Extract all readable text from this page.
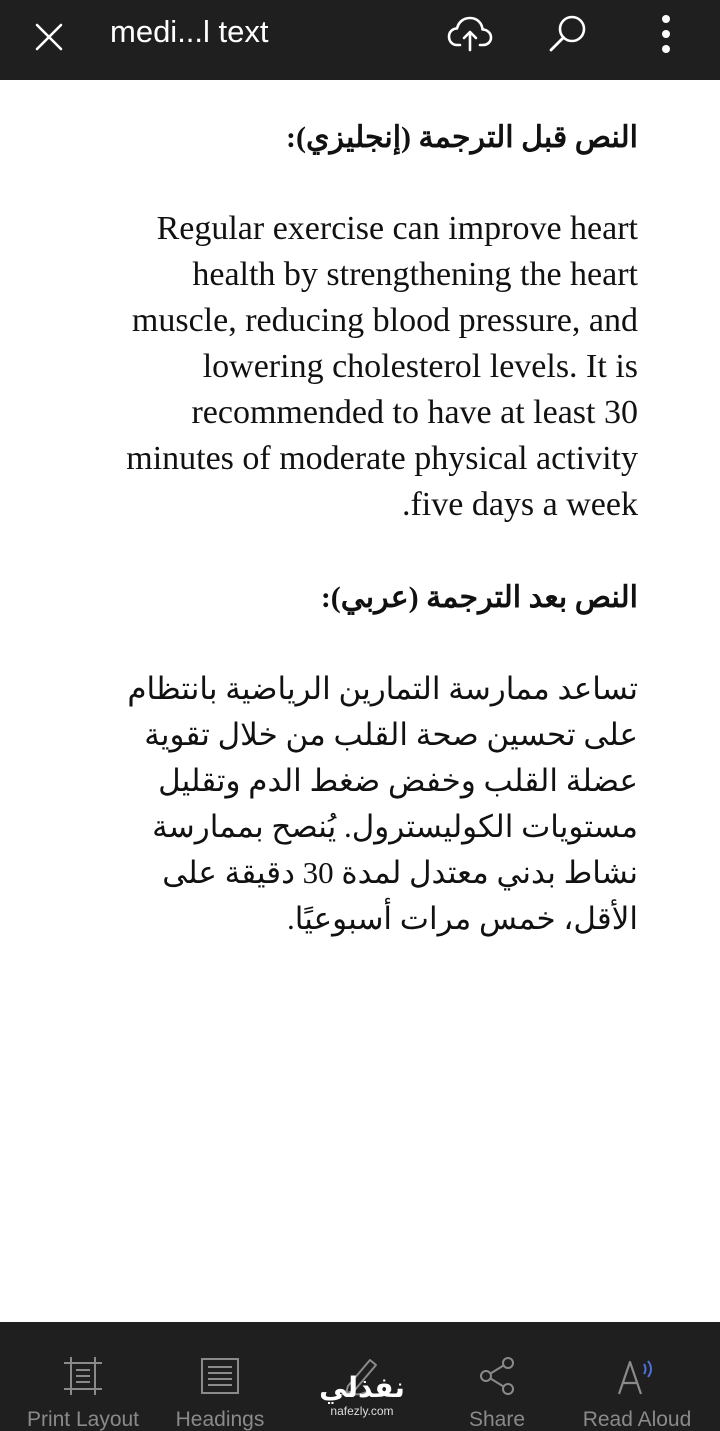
medi...l text
النص قبل الترجمة (إنجليزي):
Regular exercise can improve heart health by strengthening the heart muscle, reducing blood pressure, and lowering cholesterol levels. It is recommended to have at least 30 minutes of moderate physical activity five days a week.
النص بعد الترجمة (عربي):
تساعد ممارسة التمارين الرياضية بانتظام على تحسين صحة القلب من خلال تقوية عضلة القلب وخفض ضغط الدم وتقليل مستويات الكوليسترول. يُنصح بممارسة نشاط بدني معتدل لمدة 30 دقيقة على الأقل، خمس مرات أسبوعيًا.
Print Layout	Headings	Share	Read Aloud
نفذلي
nafezly.com
